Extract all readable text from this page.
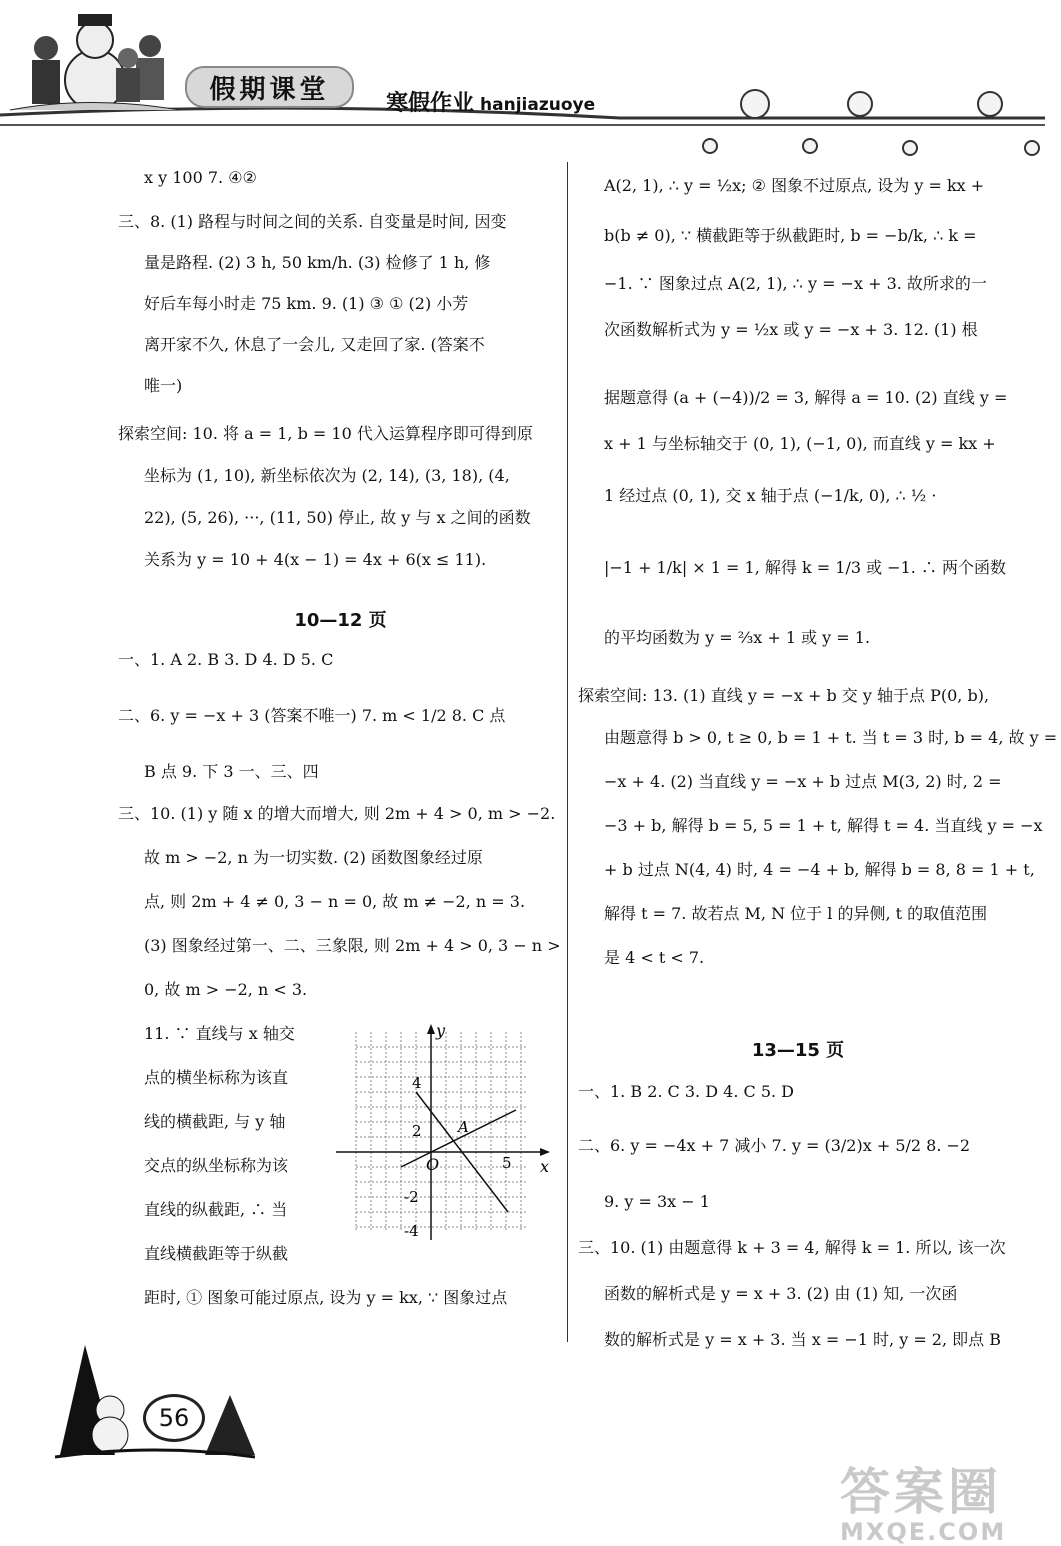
假期课堂	寒假作业 hanjiazuoye
x y 100 7. ④②
三、8. (1) 路程与时间之间的关系. 自变量是时间, 因变
量是路程. (2) 3 h, 50 km/h. (3) 检修了 1 h, 修
好后车每小时走 75 km. 9. (1) ③ ① (2) 小芳
离开家不久, 休息了一会儿, 又走回了家. (答案不
唯一)
探索空间: 10. 将 a = 1, b = 10 代入运算程序即可得到原
坐标为 (1, 10), 新坐标依次为 (2, 14), (3, 18), (4,
22), (5, 26), ···, (11, 50) 停止, 故 y 与 x 之间的函数
关系为 y = 10 + 4(x − 1) = 4x + 6(x ≤ 11).
10—12 页
一、1. A 2. B 3. D 4. D 5. C
二、6. y = −x + 3 (答案不唯一) 7. m < 1/2 8. C 点
B 点 9. 下 3 一、三、四
三、10. (1) y 随 x 的增大而增大, 则 2m + 4 > 0, m > −2.
故 m > −2, n 为一切实数. (2) 函数图象经过原
点, 则 2m + 4 ≠ 0, 3 − n = 0, 故 m ≠ −2, n = 3.
(3) 图象经过第一、二、三象限, 则 2m + 4 > 0, 3 − n >
0, 故 m > −2, n < 3.
11. ∵ 直线与 x 轴交
点的横坐标称为该直
线的横截距, 与 y 轴
交点的纵坐标称为该
直线的纵截距, ∴ 当
直线横截距等于纵截
距时, ① 图象可能过原点, 设为 y = kx, ∵ 图象过点
y
x
O
A
4
2
5
-2
-4
A(2, 1), ∴ y = ½x; ② 图象不过原点, 设为 y = kx +
b(b ≠ 0), ∵ 横截距等于纵截距时, b = −b/k, ∴ k =
−1. ∵ 图象过点 A(2, 1), ∴ y = −x + 3. 故所求的一
次函数解析式为 y = ½x 或 y = −x + 3. 12. (1) 根
据题意得 (a + (−4))/2 = 3, 解得 a = 10. (2) 直线 y =
x + 1 与坐标轴交于 (0, 1), (−1, 0), 而直线 y = kx +
1 经过点 (0, 1), 交 x 轴于点 (−1/k, 0), ∴ ½ ·
|−1 + 1/k| × 1 = 1, 解得 k = 1/3 或 −1. ∴ 两个函数
的平均函数为 y = ⅔x + 1 或 y = 1.
探索空间: 13. (1) 直线 y = −x + b 交 y 轴于点 P(0, b),
由题意得 b > 0, t ≥ 0, b = 1 + t. 当 t = 3 时, b = 4, 故 y =
−x + 4. (2) 当直线 y = −x + b 过点 M(3, 2) 时, 2 =
−3 + b, 解得 b = 5, 5 = 1 + t, 解得 t = 4. 当直线 y = −x
+ b 过点 N(4, 4) 时, 4 = −4 + b, 解得 b = 8, 8 = 1 + t,
解得 t = 7. 故若点 M, N 位于 l 的异侧, t 的取值范围
是 4 < t < 7.
13—15 页
一、1. B 2. C 3. D 4. C 5. D
二、6. y = −4x + 7 减小 7. y = (3/2)x + 5/2 8. −2
9. y = 3x − 1
三、10. (1) 由题意得 k + 3 = 4, 解得 k = 1. 所以, 该一次
函数的解析式是 y = x + 3. (2) 由 (1) 知, 一次函
数的解析式是 y = x + 3. 当 x = −1 时, y = 2, 即点 B
56
答案圈
MXQE.COM
